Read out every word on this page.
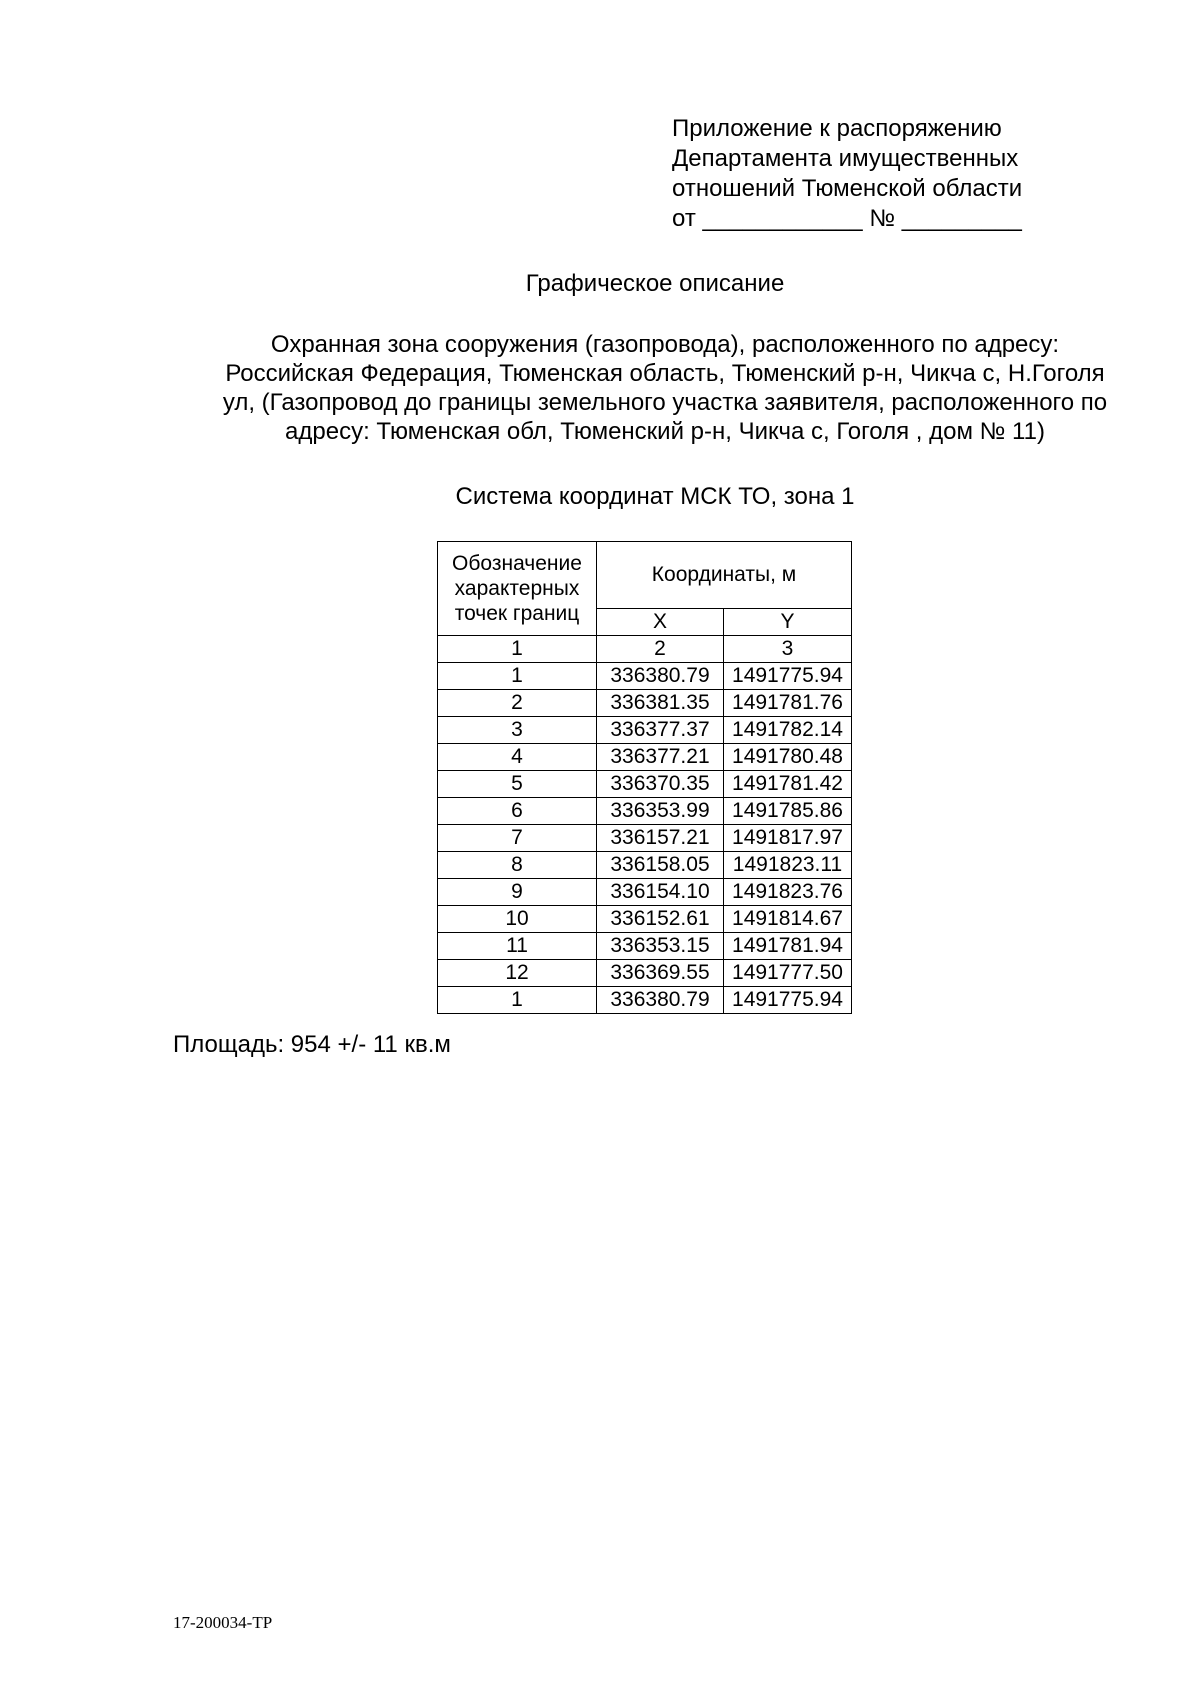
Приложение к распоряжению
Департамента имущественных
отношений Тюменской области
от ____________ № _________
Графическое описание
Охранная зона сооружения (газопровода), расположенного по адресу:
Российская Федерация, Тюменская область, Тюменский р-н, Чикча с, Н.Гоголя
ул, (Газопровод до границы земельного участка заявителя, расположенного по
адресу: Тюменская обл, Тюменский р-н, Чикча с, Гоголя , дом № 11)
Система координат МСК ТО, зона 1
Обозначение
характерных
точек границ	Координаты, м	
	X	Y
1	2	3
1	336380.79	1491775.94
2	336381.35	1491781.76
3	336377.37	1491782.14
4	336377.21	1491780.48
5	336370.35	1491781.42
6	336353.99	1491785.86
7	336157.21	1491817.97
8	336158.05	1491823.11
9	336154.10	1491823.76
10	336152.61	1491814.67
11	336353.15	1491781.94
12	336369.55	1491777.50
1	336380.79	1491775.94
Площадь: 954 +/- 11 кв.м
17-200034-ТР
